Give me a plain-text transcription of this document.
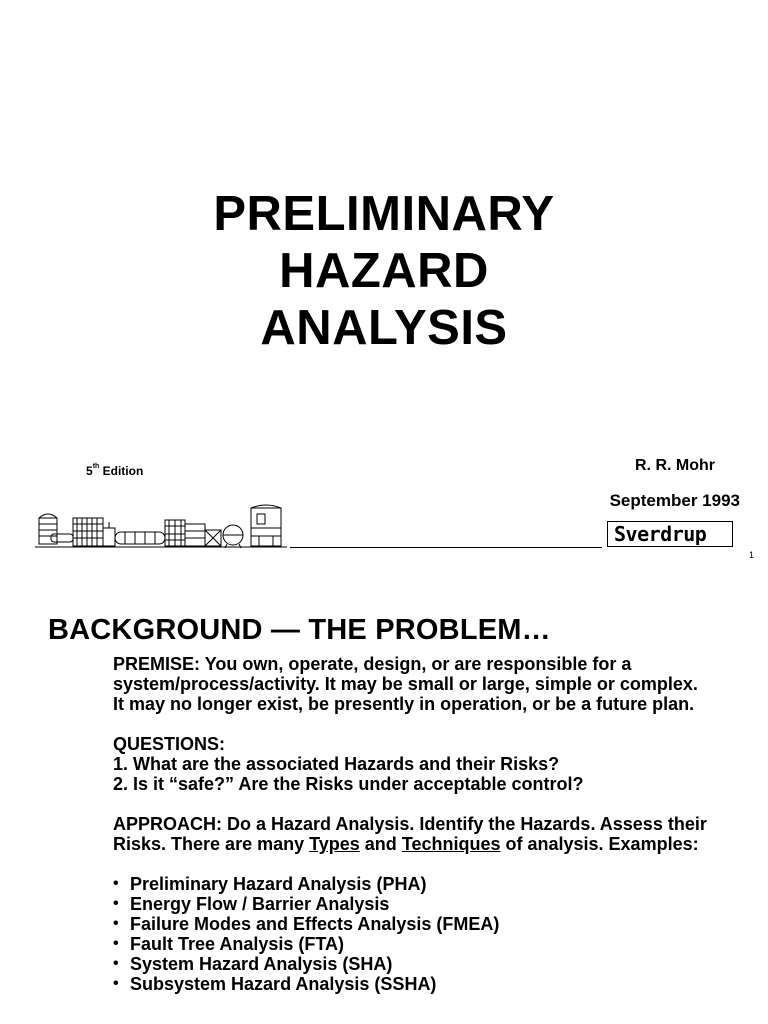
PRELIMINARY
HAZARD
ANALYSIS
5th Edition	R. R. Mohr
September 1993
Sverdrup
1
BACKGROUND — THE PROBLEM…

PREMISE: You own, operate, design, or are responsible for a system/process/activity. It may be small or large, simple or complex. It may no longer exist, be presently in operation, or be a future plan.

QUESTIONS:

1. What are the associated Hazards and their Risks?

2. Is it “safe?” Are the Risks under acceptable control?

APPROACH: Do a Hazard Analysis. Identify the Hazards. Assess their Risks. There are many Types and Techniques of analysis. Examples:

• Preliminary Hazard Analysis (PHA)
• Energy Flow / Barrier Analysis
• Failure Modes and Effects Analysis (FMEA)
• Fault Tree Analysis (FTA)
• System Hazard Analysis (SHA)
• Subsystem Hazard Analysis (SSHA)
